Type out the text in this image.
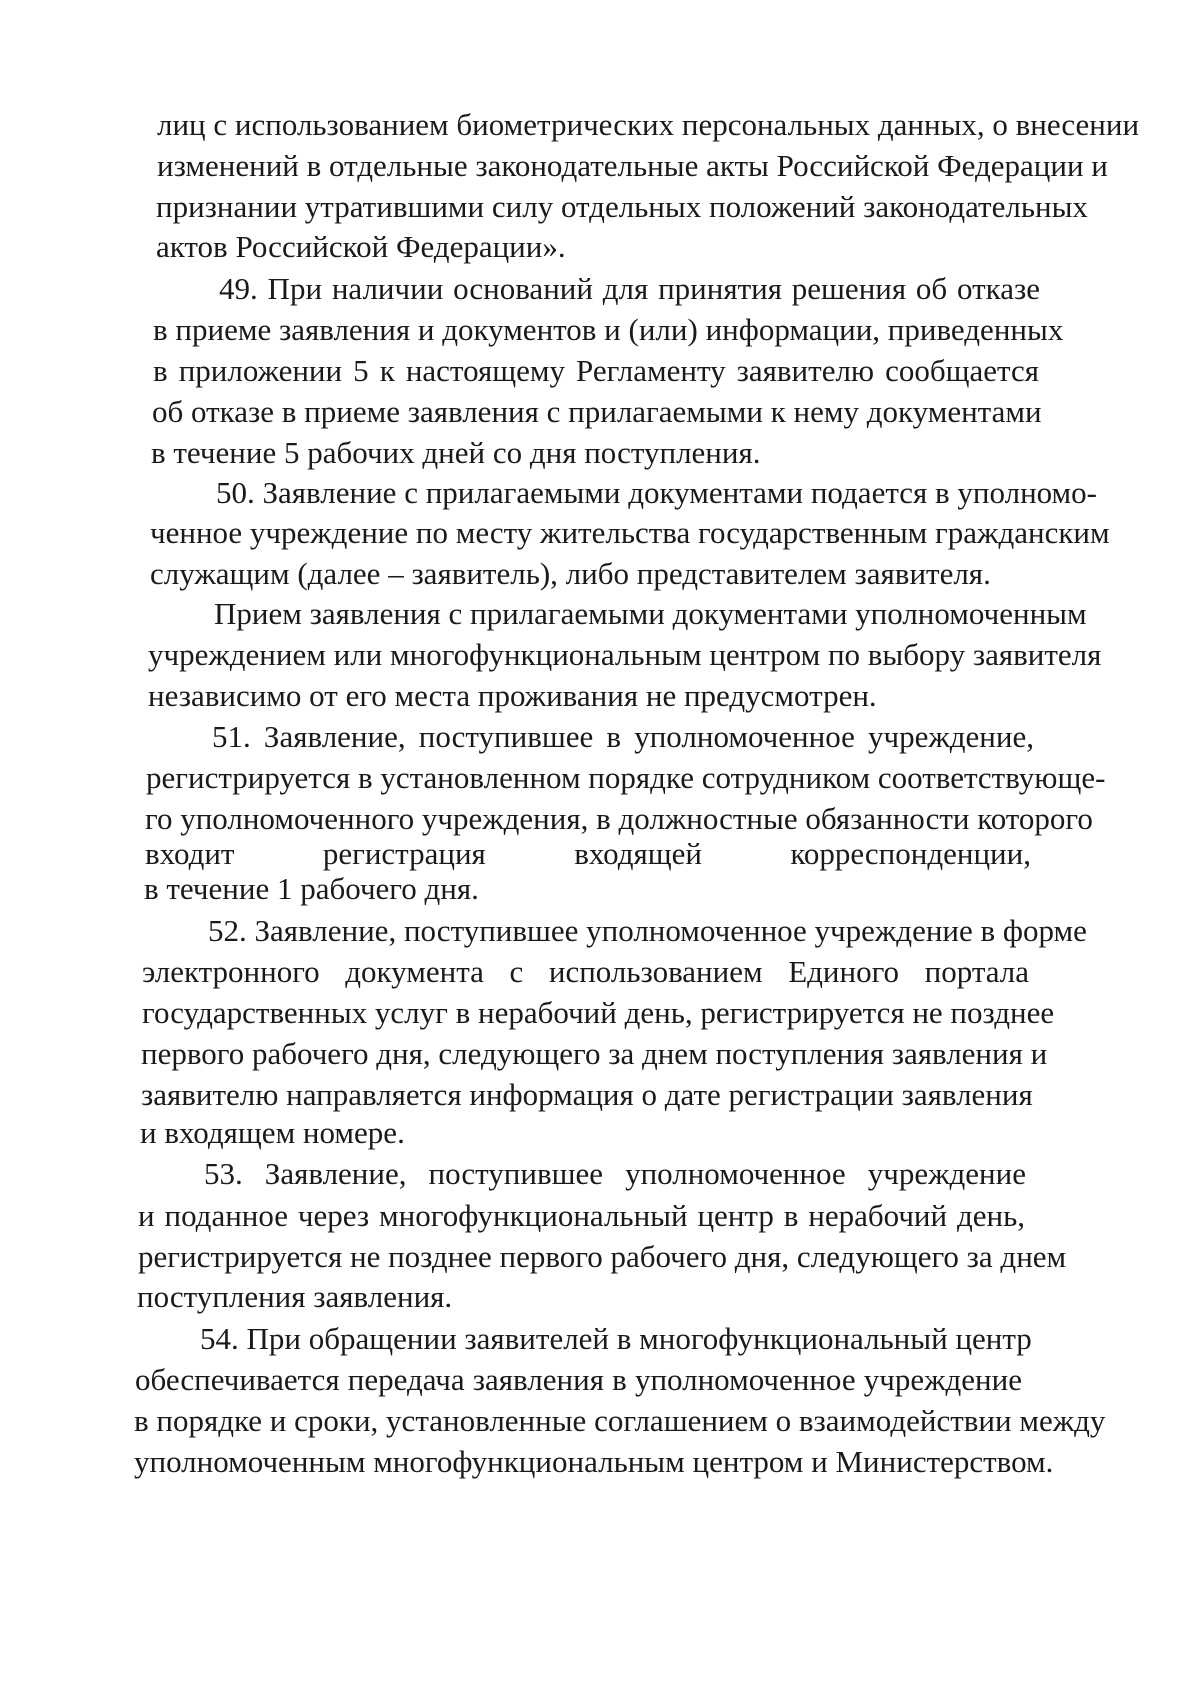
лиц с использованием биометрических персональных данных, о внесении
изменений в отдельные законодательные акты Российской Федерации и
признании утратившими силу отдельных положений законодательных
актов Российской Федерации».
49. При наличии оснований для принятия решения об отказе
в приеме заявления и документов и (или) информации, приведенных
в приложении 5 к настоящему Регламенту заявителю сообщается
об отказе в приеме заявления с прилагаемыми к нему документами
в течение 5 рабочих дней со дня поступления.
50. Заявление с прилагаемыми документами подается в уполномо-
ченное учреждение по месту жительства государственным гражданским
служащим (далее – заявитель), либо представителем заявителя.
Прием заявления с прилагаемыми документами уполномоченным
учреждением или многофункциональным центром по выбору заявителя
независимо от его места проживания не предусмотрен.
51. Заявление, поступившее в уполномоченное учреждение,
регистрируется в установленном порядке сотрудником соответствующе-
го уполномоченного учреждения, в должностные обязанности которого
входит регистрация входящей корреспонденции,
в течение 1 рабочего дня.
52. Заявление, поступившее уполномоченное учреждение в форме
электронного документа с использованием Единого портала
государственных услуг в нерабочий день, регистрируется не позднее
первого рабочего дня, следующего за днем поступления заявления и
заявителю направляется информация о дате регистрации заявления
и входящем номере.
53. Заявление, поступившее уполномоченное учреждение
и поданное через многофункциональный центр в нерабочий день,
регистрируется не позднее первого рабочего дня, следующего за днем
поступления заявления.
54. При обращении заявителей в многофункциональный центр
обеспечивается передача заявления в уполномоченное учреждение
в порядке и сроки, установленные соглашением о взаимодействии между
уполномоченным многофункциональным центром и Министерством.
